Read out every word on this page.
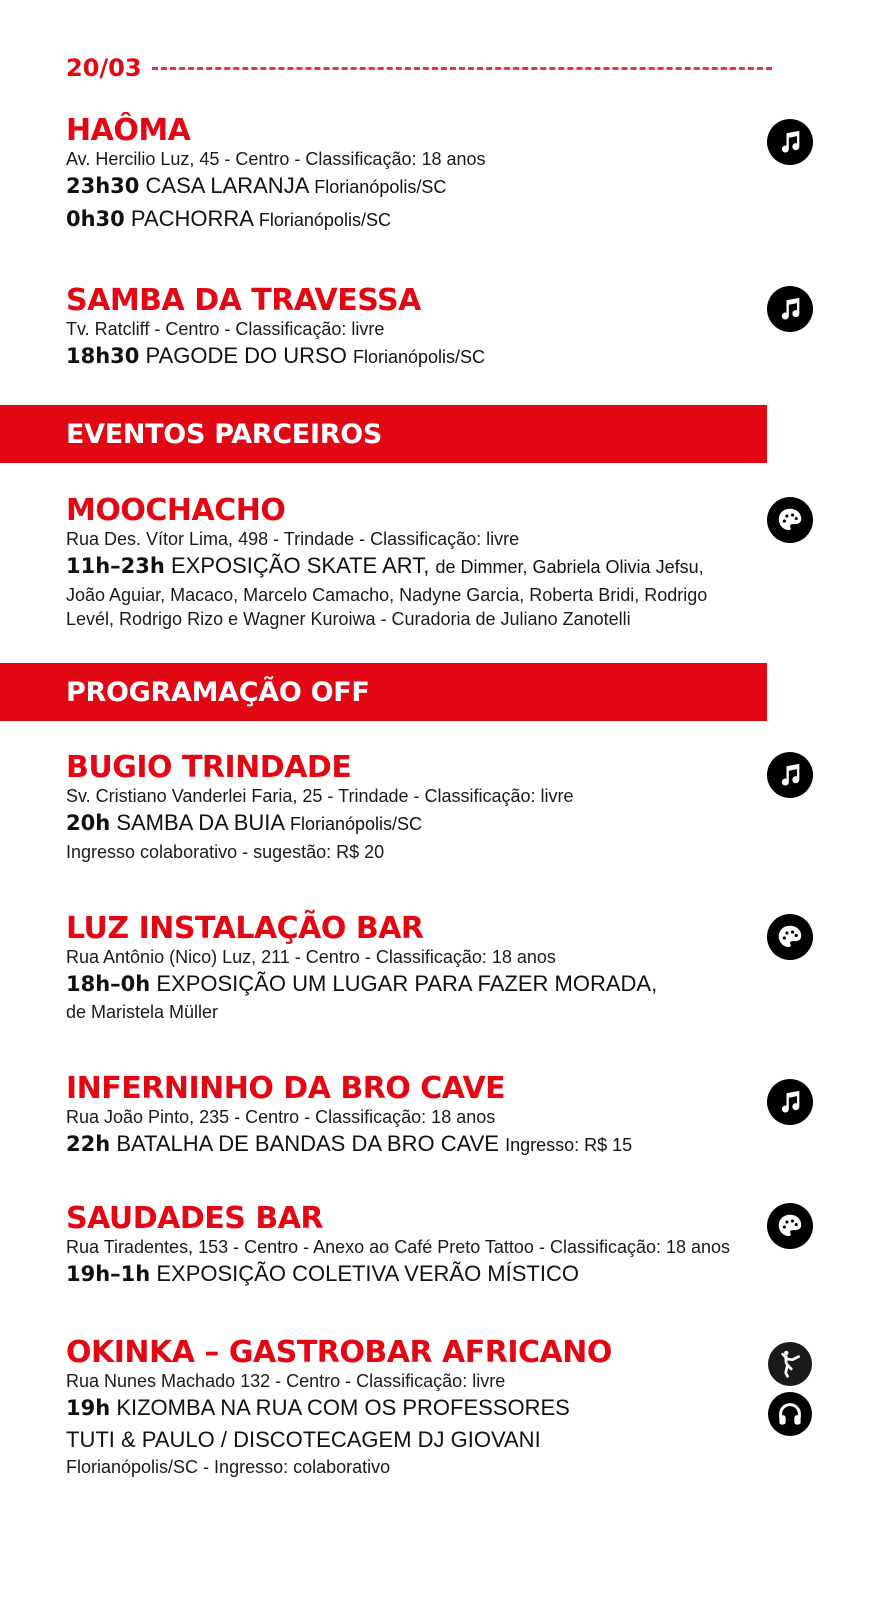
20/03
HAÔMA
Av. Hercilio Luz, 45 - Centro - Classificação: 18 anos
23h30 CASA LARANJA Florianópolis/SC
0h30 PACHORRA Florianópolis/SC
SAMBA DA TRAVESSA
Tv. Ratcliff - Centro - Classificação: livre
18h30 PAGODE DO URSO Florianópolis/SC
EVENTOS PARCEIROS
MOOCHACHO
Rua Des. Vítor Lima, 498 - Trindade - Classificação: livre
11h–23h EXPOSIÇÃO SKATE ART, de Dimmer, Gabriela Olivia Jefsu,
João Aguiar, Macaco, Marcelo Camacho, Nadyne Garcia, Roberta Bridi, Rodrigo
Levél, Rodrigo Rizo e Wagner Kuroiwa - Curadoria de Juliano Zanotelli
PROGRAMAÇÃO OFF
BUGIO TRINDADE
Sv. Cristiano Vanderlei Faria, 25 - Trindade - Classificação: livre
20h SAMBA DA BUIA Florianópolis/SC
Ingresso colaborativo - sugestão: R$ 20
LUZ INSTALAÇÃO BAR
Rua Antônio (Nico) Luz, 211 - Centro - Classificação: 18 anos
18h–0h EXPOSIÇÃO UM LUGAR PARA FAZER MORADA,
de Maristela Müller
INFERNINHO DA BRO CAVE
Rua João Pinto, 235 - Centro - Classificação: 18 anos
22h BATALHA DE BANDAS DA BRO CAVE Ingresso: R$ 15
SAUDADES BAR
Rua Tiradentes, 153 - Centro - Anexo ao Café Preto Tattoo - Classificação: 18 anos
19h–1h EXPOSIÇÃO COLETIVA VERÃO MÍSTICO
OKINKA – GASTROBAR AFRICANO
Rua Nunes Machado 132 - Centro - Classificação: livre
19h KIZOMBA NA RUA COM OS PROFESSORES
TUTI & PAULO / DISCOTECAGEM DJ GIOVANI
Florianópolis/SC - Ingresso: colaborativo
